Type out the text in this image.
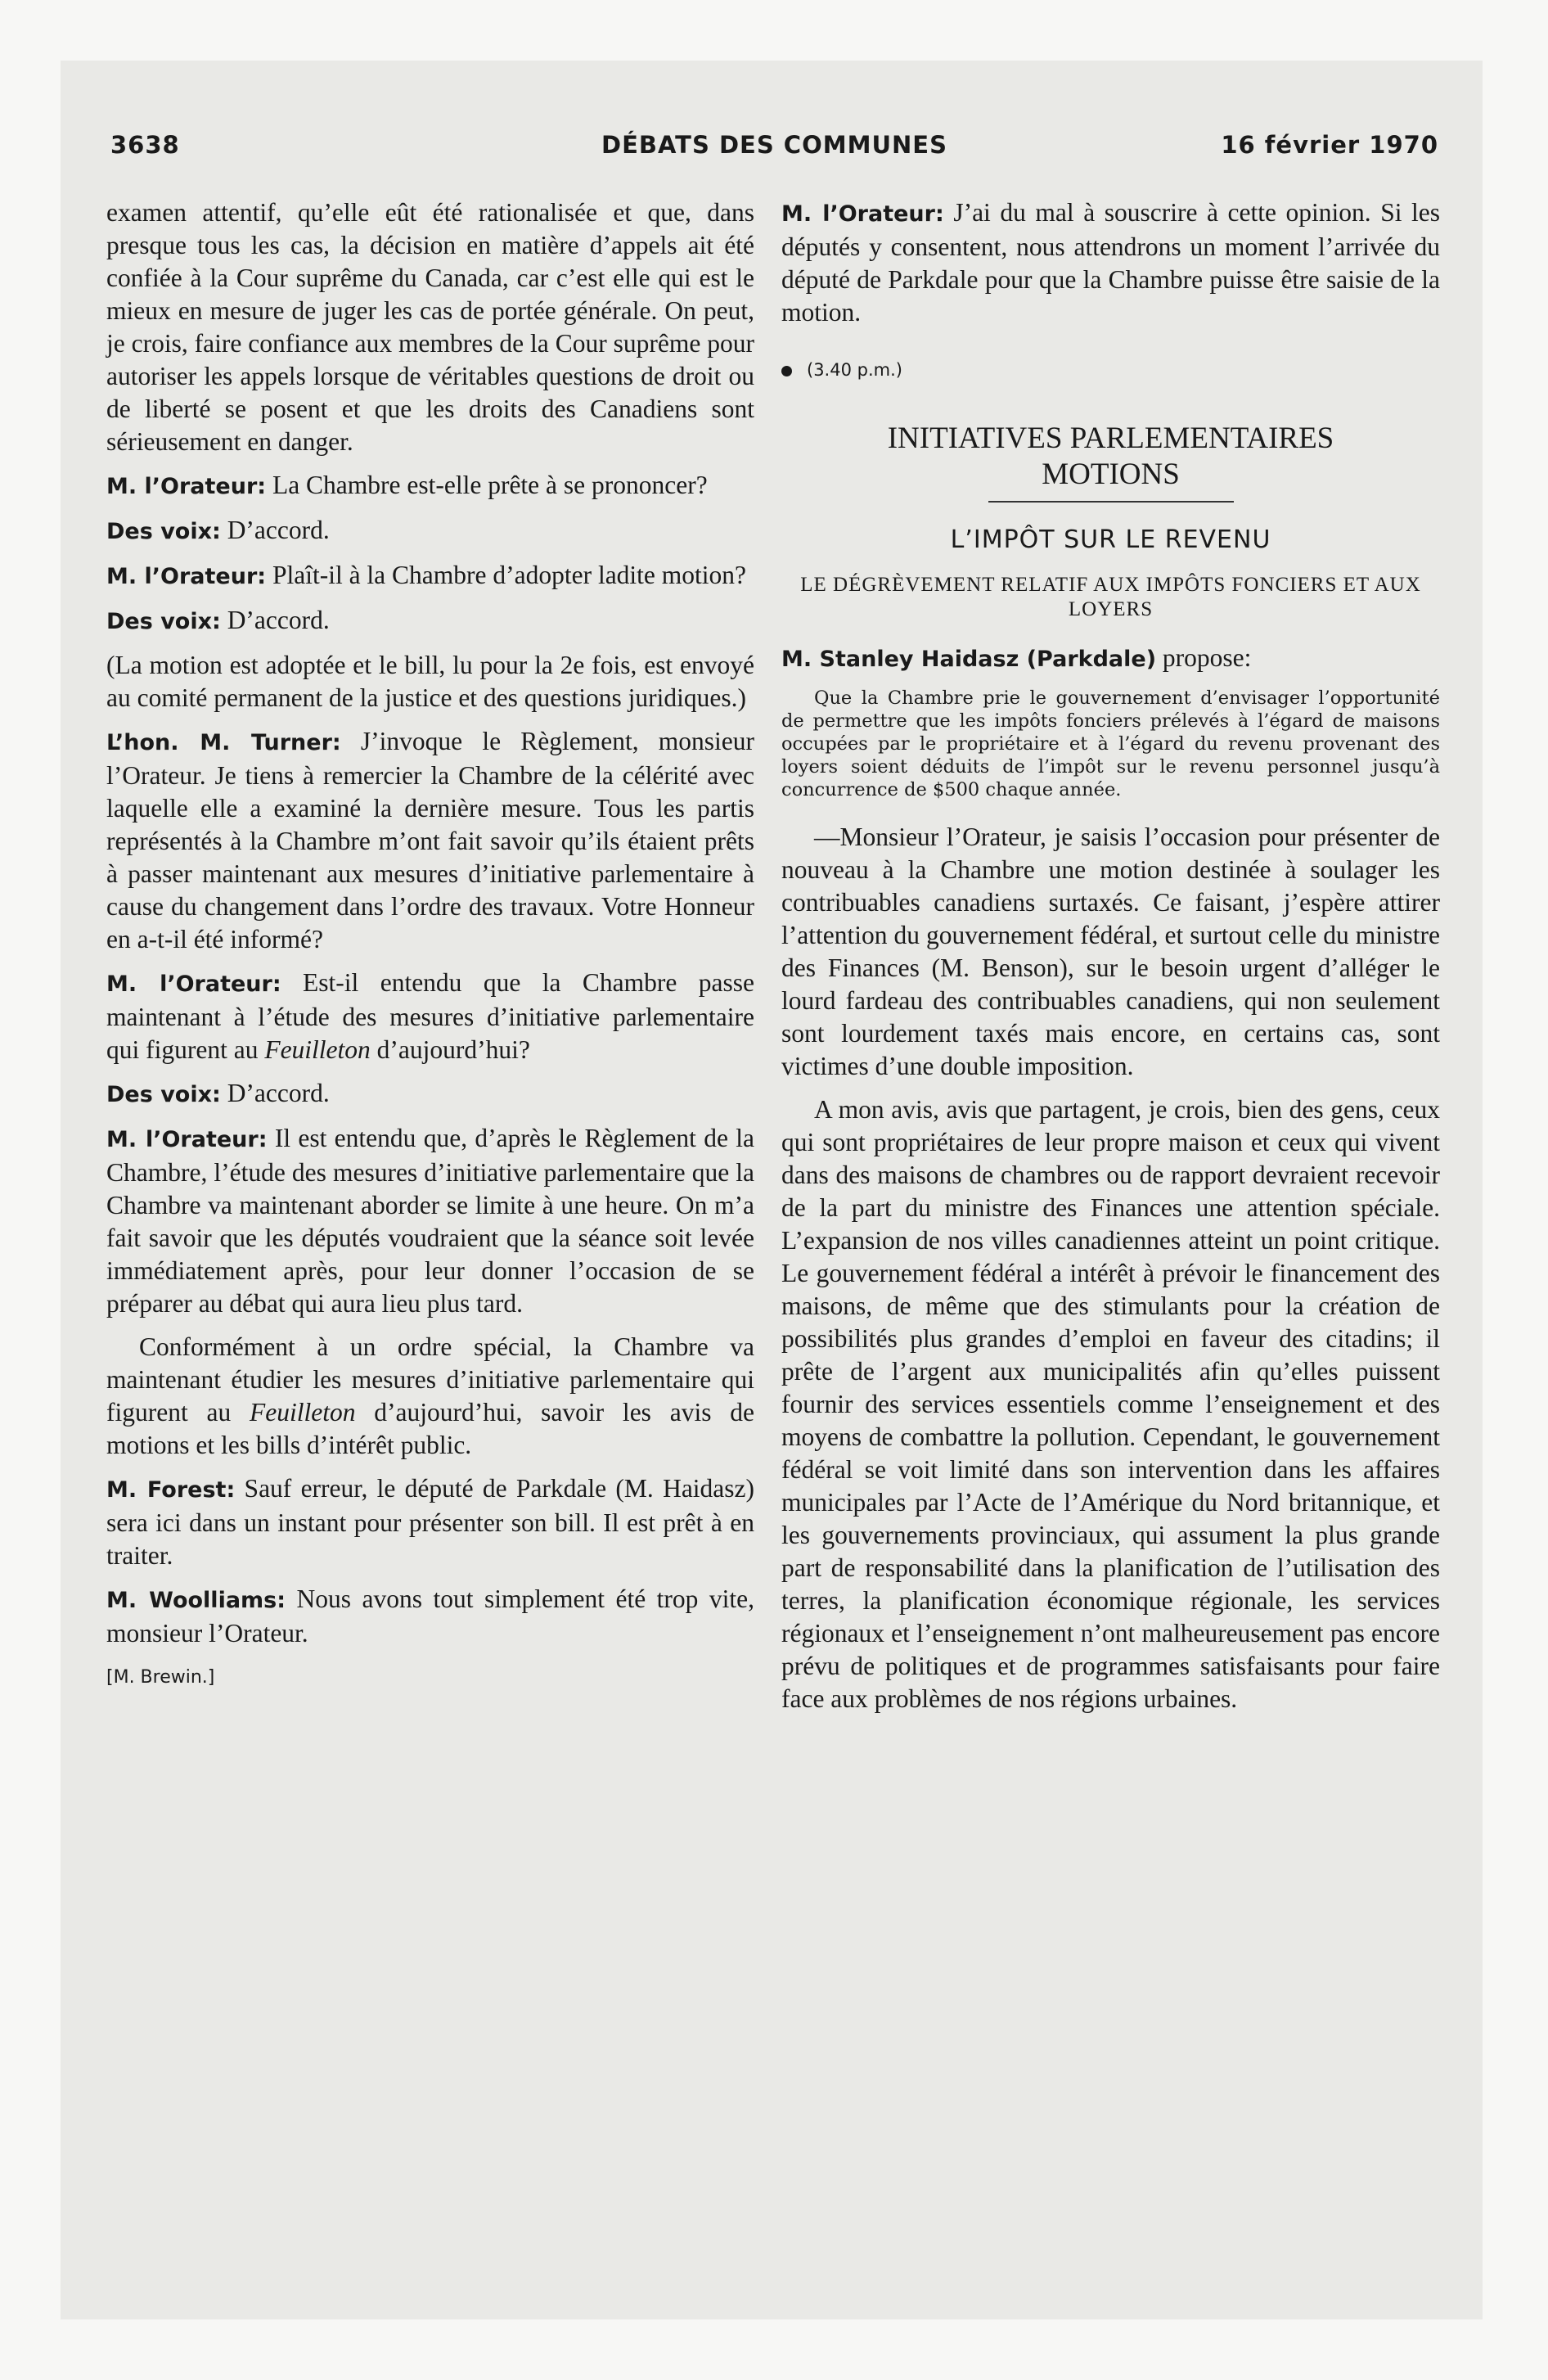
3638	DÉBATS DES COMMUNES	16 février 1970

examen attentif, qu’elle eût été rationalisée et que, dans presque tous les cas, la décision en matière d’appels ait été confiée à la Cour suprême du Canada, car c’est elle qui est le mieux en mesure de juger les cas de portée générale. On peut, je crois, faire confiance aux membres de la Cour suprême pour autoriser les appels lorsque de véritables questions de droit ou de liberté se posent et que les droits des Canadiens sont sérieusement en danger.

M. l’Orateur: La Chambre est-elle prête à se prononcer?

Des voix: D’accord.

M. l’Orateur: Plaît-il à la Chambre d’adopter ladite motion?

Des voix: D’accord.

(La motion est adoptée et le bill, lu pour la 2e fois, est envoyé au comité permanent de la justice et des questions juridiques.)

L’hon. M. Turner: J’invoque le Règlement, monsieur l’Orateur. Je tiens à remercier la Chambre de la célérité avec laquelle elle a examiné la dernière mesure. Tous les partis représentés à la Chambre m’ont fait savoir qu’ils étaient prêts à passer maintenant aux mesures d’initiative parlementaire à cause du changement dans l’ordre des travaux. Votre Honneur en a-t-il été informé?

M. l’Orateur: Est-il entendu que la Chambre passe maintenant à l’étude des mesures d’initiative parlementaire qui figurent au Feuilleton d’aujourd’hui?

Des voix: D’accord.

M. l’Orateur: Il est entendu que, d’après le Règlement de la Chambre, l’étude des mesures d’initiative parlementaire que la Chambre va maintenant aborder se limite à une heure. On m’a fait savoir que les députés voudraient que la séance soit levée immédiatement après, pour leur donner l’occasion de se préparer au débat qui aura lieu plus tard.

Conformément à un ordre spécial, la Chambre va maintenant étudier les mesures d’initiative parlementaire qui figurent au Feuilleton d’aujourd’hui, savoir les avis de motions et les bills d’intérêt public.

M. Forest: Sauf erreur, le député de Parkdale (M. Haidasz) sera ici dans un instant pour présenter son bill. Il est prêt à en traiter.

M. Woolliams: Nous avons tout simplement été trop vite, monsieur l’Orateur.

[M. Brewin.]

M. l’Orateur: J’ai du mal à souscrire à cette opinion. Si les députés y consentent, nous attendrons un moment l’arrivée du député de Parkdale pour que la Chambre puisse être saisie de la motion.

(3.40 p.m.)
INITIATIVES PARLEMENTAIRES
MOTIONS
L’IMPÔT SUR LE REVENU
LE DÉGRÈVEMENT RELATIF AUX IMPÔTS FONCIERS ET AUX LOYERS

M. Stanley Haidasz (Parkdale) propose:

Que la Chambre prie le gouvernement d’envisager l’opportunité de permettre que les impôts fonciers prélevés à l’égard de maisons occupées par le propriétaire et à l’égard du revenu provenant des loyers soient déduits de l’impôt sur le revenu personnel jusqu’à concurrence de $500 chaque année.

—Monsieur l’Orateur, je saisis l’occasion pour présenter de nouveau à la Chambre une motion destinée à soulager les contribuables canadiens surtaxés. Ce faisant, j’espère attirer l’attention du gouvernement fédéral, et surtout celle du ministre des Finances (M. Benson), sur le besoin urgent d’alléger le lourd fardeau des contribuables canadiens, qui non seulement sont lourdement taxés mais encore, en certains cas, sont victimes d’une double imposition.

A mon avis, avis que partagent, je crois, bien des gens, ceux qui sont propriétaires de leur propre maison et ceux qui vivent dans des maisons de chambres ou de rapport devraient recevoir de la part du ministre des Finances une attention spéciale. L’expansion de nos villes canadiennes atteint un point critique. Le gouvernement fédéral a intérêt à prévoir le financement des maisons, de même que des stimulants pour la création de possibilités plus grandes d’emploi en faveur des citadins; il prête de l’argent aux municipalités afin qu’elles puissent fournir des services essentiels comme l’enseignement et des moyens de combattre la pollution. Cependant, le gouvernement fédéral se voit limité dans son intervention dans les affaires municipales par l’Acte de l’Amérique du Nord britannique, et les gouvernements provinciaux, qui assument la plus grande part de responsabilité dans la planification de l’utilisation des terres, la planification économique régionale, les services régionaux et l’enseignement n’ont malheureusement pas encore prévu de politiques et de programmes satisfaisants pour faire face aux problèmes de nos régions urbaines.
